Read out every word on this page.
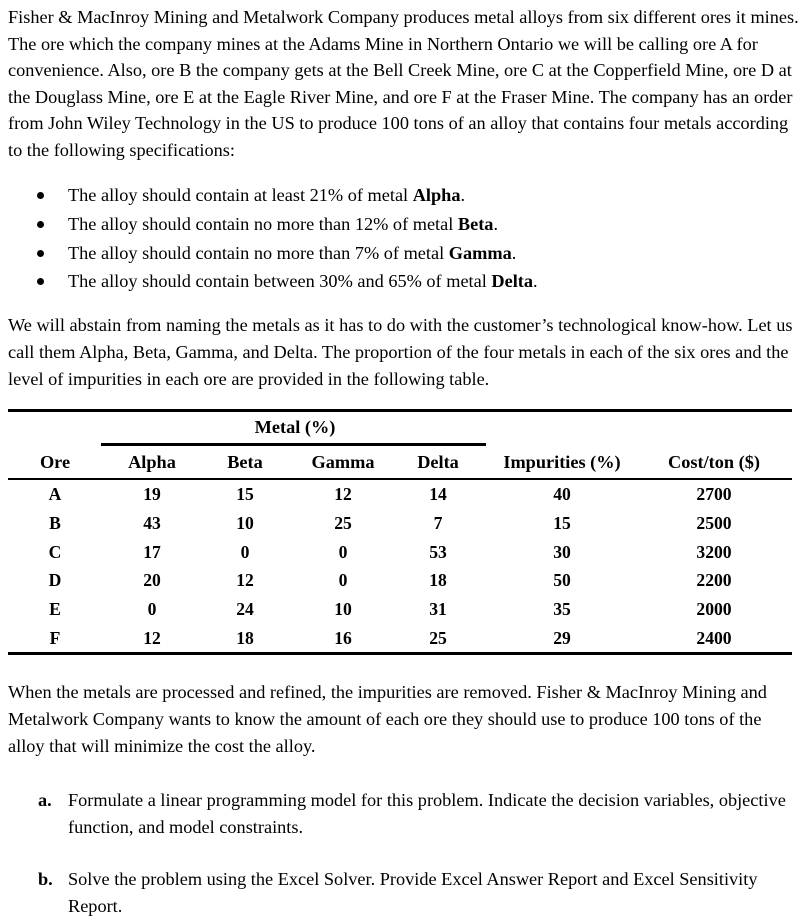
Fisher & MacInroy Mining and Metalwork Company produces metal alloys from six different ores it mines. The ore which the company mines at the Adams Mine in Northern Ontario we will be calling ore A for convenience. Also, ore B the company gets at the Bell Creek Mine, ore C at the Copperfield Mine, ore D at the Douglass Mine, ore E at the Eagle River Mine, and ore F at the Fraser Mine. The company has an order from John Wiley Technology in the US to produce 100 tons of an alloy that contains four metals according to the following specifications:

The alloy should contain at least 21% of metal Alpha.
The alloy should contain no more than 12% of metal Beta.
The alloy should contain no more than 7% of metal Gamma.
The alloy should contain between 30% and 65% of metal Delta.

We will abstain from naming the metals as it has to do with the customer’s technological know-how. Let us call them Alpha, Beta, Gamma, and Delta. The proportion of the four metals in each of the six ores and the level of impurities in each ore are provided in the following table.

Metal (%)
Ore	Alpha	Beta	Gamma	Delta	Impurities (%)	Cost/ton ($)
A	19	15	12	14	40	2700
B	43	10	25	7	15	2500
C	17	0	0	53	30	3200
D	20	12	0	18	50	2200
E	0	24	10	31	35	2000
F	12	18	16	25	29	2400

When the metals are processed and refined, the impurities are removed. Fisher & MacInroy Mining and Metalwork Company wants to know the amount of each ore they should use to produce 100 tons of the alloy that will minimize the cost the alloy.

a. Formulate a linear programming model for this problem. Indicate the decision variables, objective function, and model constraints.
b. Solve the problem using the Excel Solver. Provide Excel Answer Report and Excel Sensitivity Report.
